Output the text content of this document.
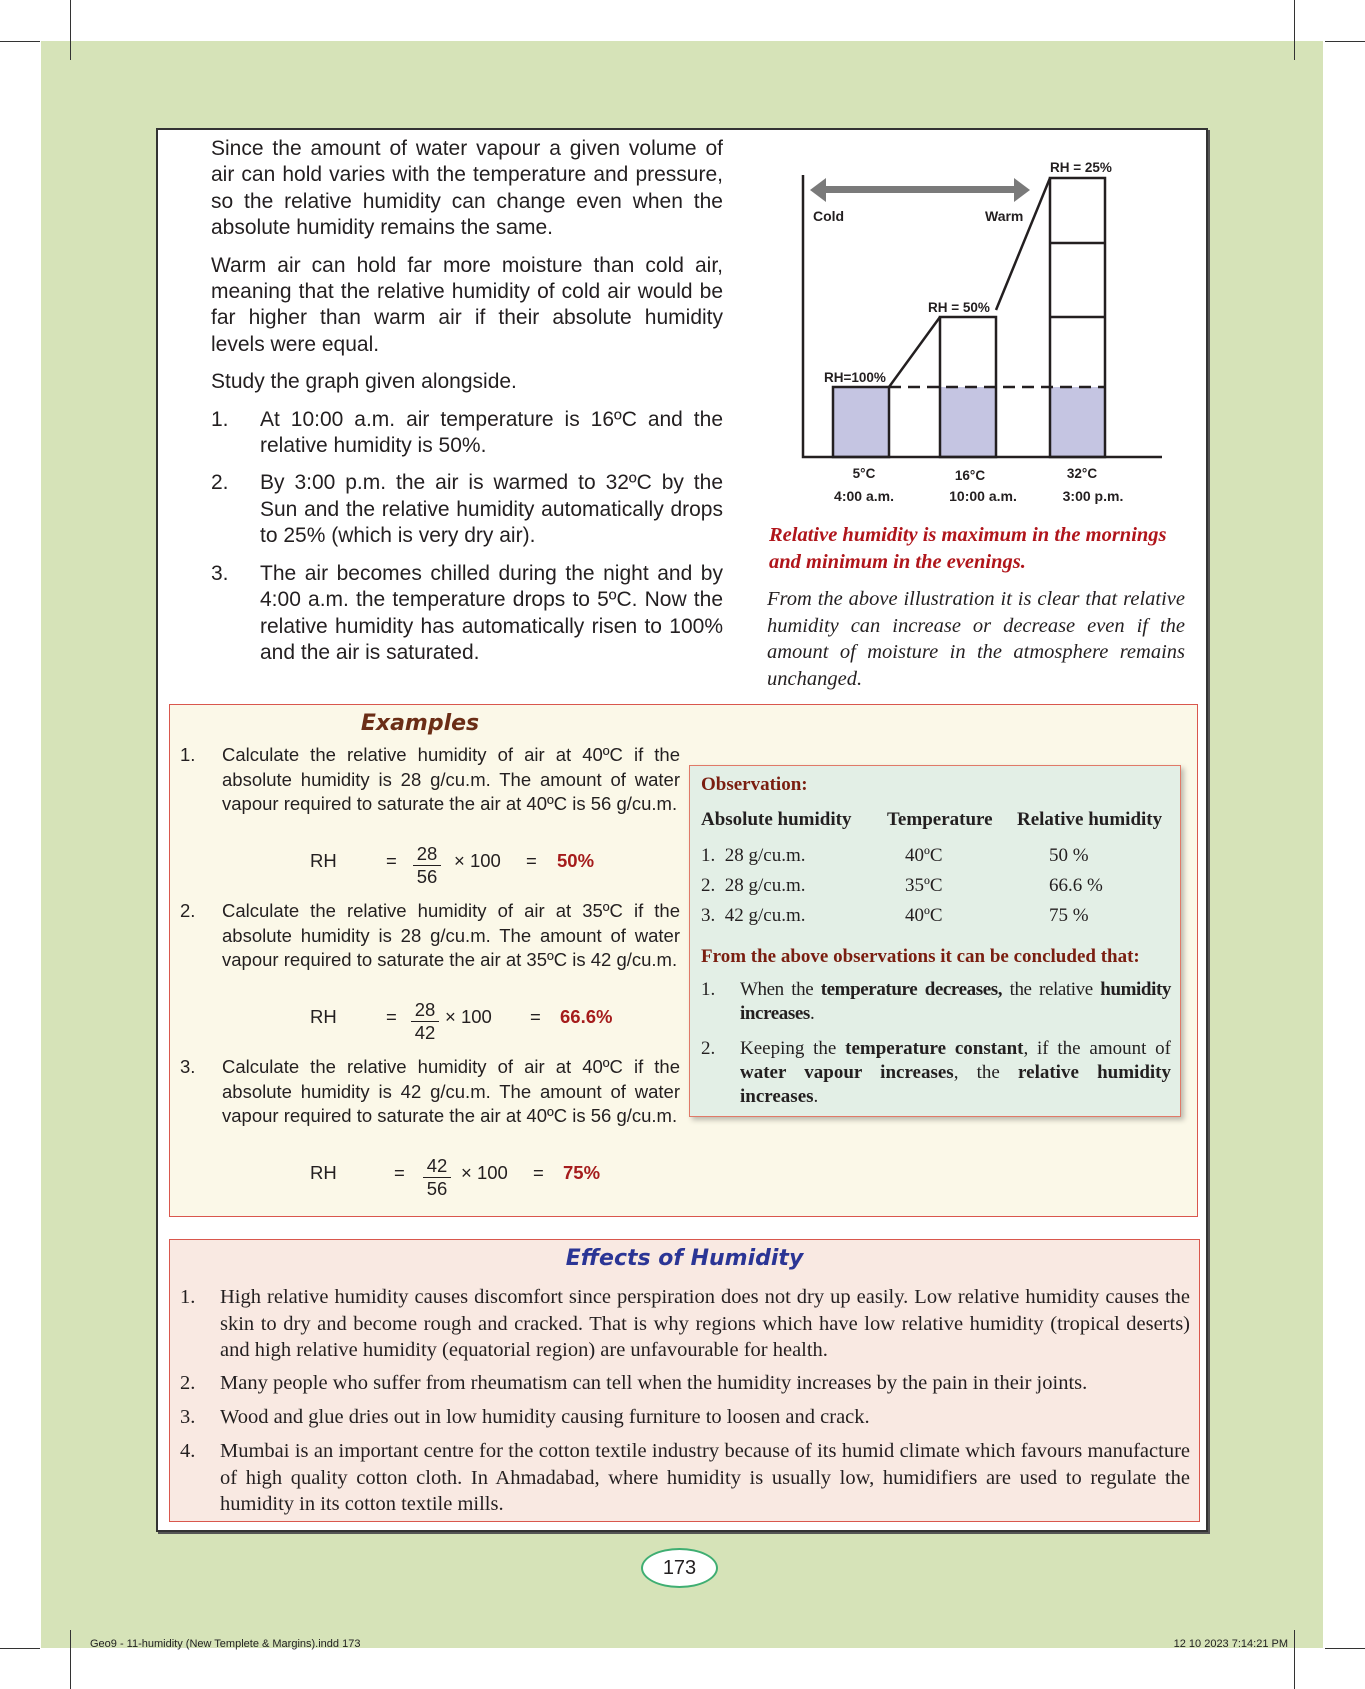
Since the amount of water vapour a given volume of air can hold varies with the temperature and pressure, so the relative humidity can change even when the absolute humidity remains the same.

Warm air can hold far more moisture than cold air, meaning that the relative humidity of cold air would be far higher than warm air if their absolute humidity levels were equal.

Study the graph given alongside.

1.	At 10:00 a.m. air temperature is 16ºC and the relative humidity is 50%.
2.	By 3:00 p.m. the air is warmed to 32ºC by the Sun and the relative humidity automatically drops to 25% (which is very dry air).
3.	The air becomes chilled during the night and by 4:00 a.m. the temperature drops to 5ºC. Now the relative humidity has automatically risen to 100% and the air is saturated.
Cold	Warm
RH=100%
RH = 50%
RH = 25%
5°C	16°C	32°C
4:00 a.m.	10:00 a.m.	3:00 p.m.
Relative humidity is maximum in the mornings and minimum in the evenings.
From the above illustration it is clear that relative humidity can increase or decrease even if the amount of moisture in the atmosphere remains unchanged.
Examples
1.	Calculate the relative humidity of air at 40ºC if the absolute humidity is 28 g/cu.m. The amount of water vapour required to saturate the air at 40ºC is 56 g/cu.m.
2.	Calculate the relative humidity of air at 35ºC if the absolute humidity is 28 g/cu.m. The amount of water vapour required to saturate the air at 35ºC is 42 g/cu.m.
3.	Calculate the relative humidity of air at 40ºC if the absolute humidity is 42 g/cu.m. The amount of water vapour required to saturate the air at 40ºC is 56 g/cu.m.
RH	= $\frac{28}{56} \times 100 = 50\%$
RH	= $\frac{28}{42} \times 100 = 66.6\%$
RH	= $\frac{42}{56} \times 100 = 75\%$
Observation:
Absolute humidity Temperature Relative humidity
1.  28 g/cu.m.	40ºC	50 %
2.  28 g/cu.m.	35ºC	66.6 %
3.  42 g/cu.m.	40ºC	75 %
From the above observations it can be concluded that:
1.	When the temperature decreases, the relative humidity increases.
2.	Keeping the temperature constant, if the amount of water vapour increases, the relative humidity increases.
Effects of Humidity
1.	High relative humidity causes discomfort since perspiration does not dry up easily. Low relative humidity causes the skin to dry and become rough and cracked. That is why regions which have low relative humidity (tropical deserts) and high relative humidity (equatorial region) are unfavourable for health.
2.	Many people who suffer from rheumatism can tell when the humidity increases by the pain in their joints.
3.	Wood and glue dries out in low humidity causing furniture to loosen and crack.
4.	Mumbai is an important centre for the cotton textile industry because of its humid climate which favours manufacture of high quality cotton cloth. In Ahmadabad, where humidity is usually low, humidifiers are used to regulate the humidity in its cotton textile mills.
173
Geo9 - 11-humidity (New Templete & Margins).indd 173	12 10 2023 7:14:21 PM
